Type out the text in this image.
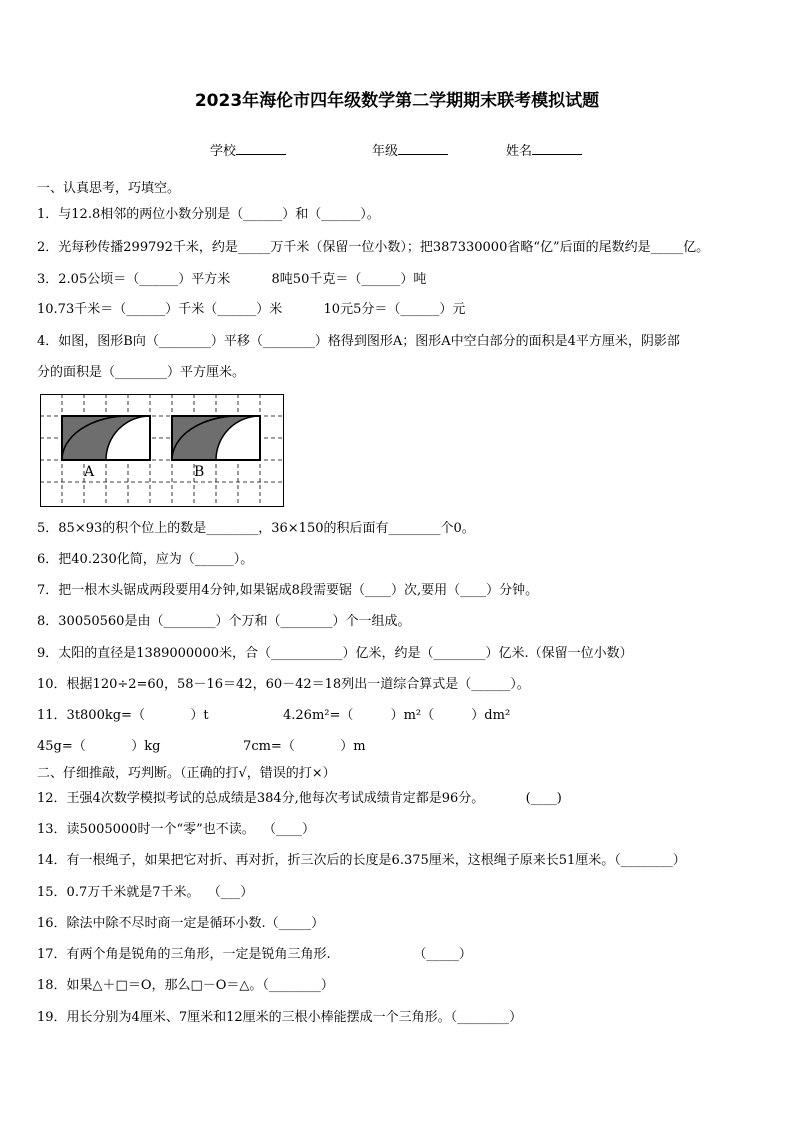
2023年海伦市四年级数学第二学期期末联考模拟试题
学校	年级	姓名
一、认真思考，巧填空。
1．与12.8相邻的两位小数分别是（______）和（______）。
2．光每秒传播299792千米，约是_____万千米（保留一位小数）；把387330000省略“亿”后面的尾数约是_____亿。
3．2.05公顷＝（______）平方米          8吨50千克＝（______）吨
10.73千米＝（______）千米（______）米          10元5分＝（______）元
4．如图，图形B向（________）平移（________）格得到图形A；图形A中空白部分的面积是4平方厘米，阴影部
分的面积是（________）平方厘米。
A	B
5．85×93的积个位上的数是________，36×150的积后面有________个0。
6．把40.230化简，应为（______）。
7．把一根木头锯成两段要用4分钟,如果锯成8段需要锯（____）次,要用（____）分钟。
8．30050560是由（________）个万和（________）个一组成。
9．太阳的直径是1389000000米，合（___________）亿米，约是（________）亿米.（保留一位小数）
10．根据120÷2=60，58－16＝42，60－42＝18列出一道综合算式是（______）。
11．3t800kg=（           ）t                  4.26m²=（         ）m²（         ）dm²
45g=（           ）kg                    7cm=（           ）m
二、仔细推敲，巧判断。（正确的打√，错误的打×）
12．王强4次数学模拟考试的总成绩是384分,他每次考试成绩肯定都是96分。          (____)
13．读5005000时一个“零”也不读。  （____）
14．有一根绳子，如果把它对折、再对折，折三次后的长度是6.375厘米，这根绳子原来长51厘米。（________）
15．0.7万千米就是7千米。  （___）
16．除法中除不尽时商一定是循环小数.（_____）
17．有两个角是锐角的三角形，一定是锐角三角形.                    （_____）
18．如果△＋□＝O，那么□－O＝△。（________）
19．用长分别为4厘米、7厘米和12厘米的三根小棒能摆成一个三角形。（________）
